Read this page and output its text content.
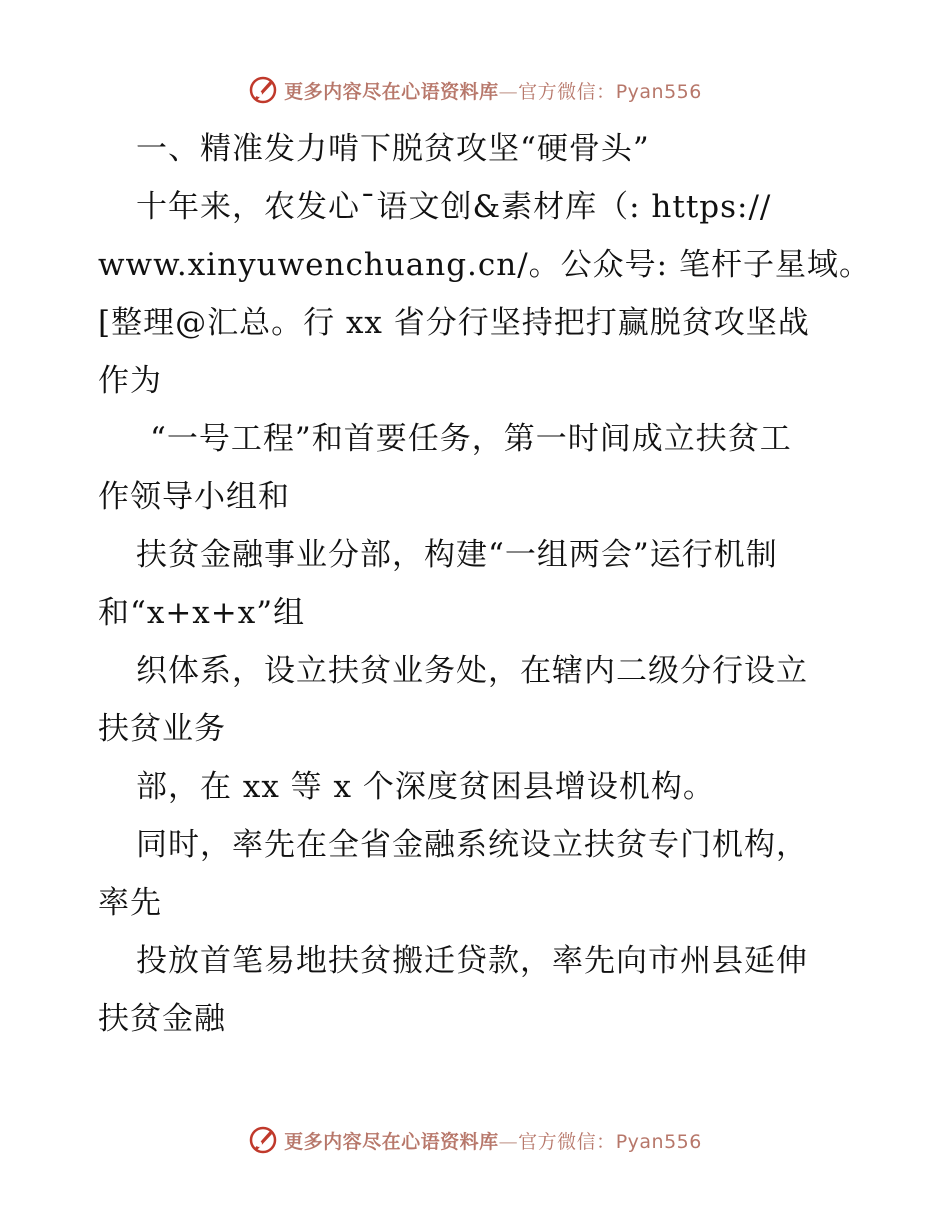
更多内容尽在心语资料库—官方微信：Pyan556
一、精准发力啃下脱贫攻坚“硬骨头”
十年来，农发心¯语文创&素材库（: https://
www.xinyuwenchuang.cn/。公众号: 笔杆子星域。
[整理@汇总。行 xx 省分行坚持把打赢脱贫攻坚战
作为
“一号工程”和首要任务，第一时间成立扶贫工
作领导小组和
扶贫金融事业分部，构建“一组两会”运行机制
和“x+x+x”组
织体系，设立扶贫业务处，在辖内二级分行设立
扶贫业务
部，在 xx 等 x 个深度贫困县增设机构。
同时，率先在全省金融系统设立扶贫专门机构，
率先
投放首笔易地扶贫搬迁贷款，率先向市州县延伸
扶贫金融
更多内容尽在心语资料库—官方微信：Pyan556
